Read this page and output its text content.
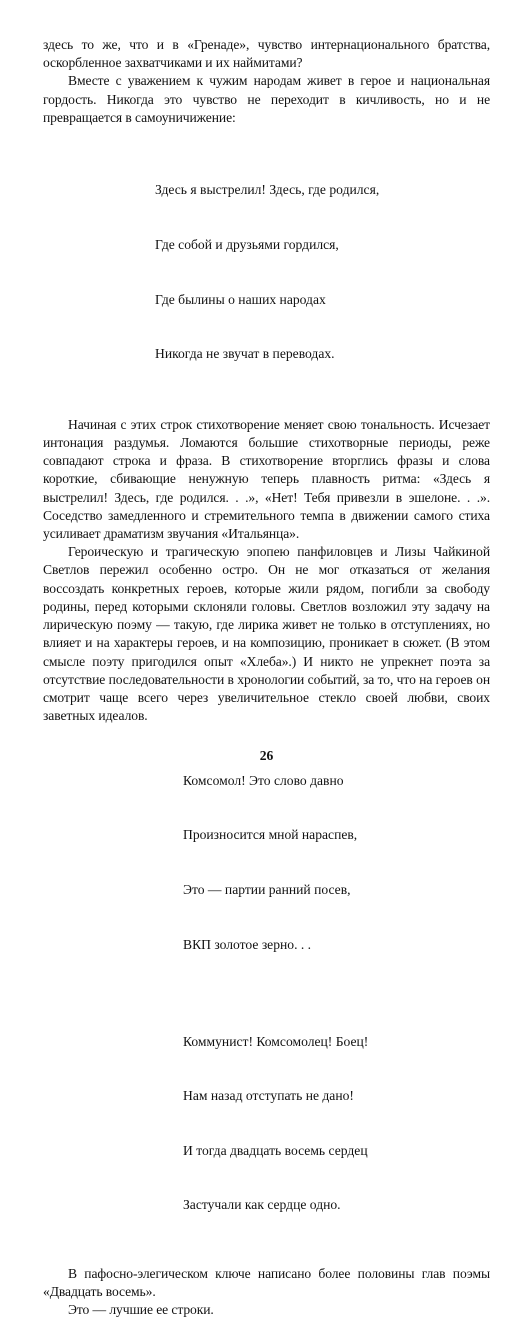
здесь то же, что и в «Гренаде», чувство интернационального братства, оскорбленное захватчиками и их наймитами?

Вместе с уважением к чужим народам живет в герое и национальная гордость. Никогда это чувство не переходит в кичливость, но и не превращается в самоуничижение:

Здесь я выстрелил! Здесь, где родился,

Где собой и друзьями гордился,

Где былины о наших народах

Никогда не звучат в переводах.

Начиная с этих строк стихотворение меняет свою тональность. Исчезает интонация раздумья. Ломаются большие стихотворные периоды, реже совпадают строка и фраза. В стихотворение вторглись фразы и слова короткие, сбивающие ненужную теперь плавность ритма: «Здесь я выстрелил! Здесь, где родился. . .», «Нет! Тебя привезли в эшелоне. . .». Соседство замедленного и стремительного темпа в движении самого стиха усиливает драматизм звучания «Итальянца».

Героическую и трагическую эпопею панфиловцев и Лизы Чайкиной Светлов пережил особенно остро. Он не мог отказаться от желания воссоздать конкретных героев, которые жили рядом, погибли за свободу родины, перед которыми склоняли головы. Светлов возложил эту задачу на лирическую поэму — такую, где лирика живет не только в отступлениях, но влияет и на характеры героев, и на композицию, проникает в сюжет. (В этом смысле поэту пригодился опыт «Хлеба».) И никто не упрекнет поэта за отсутствие последовательности в хронологии событий, за то, что на героев он смотрит чаще всего через увеличительное стекло своей любви, своих заветных идеалов.

Комсомол! Это слово давно

Произносится мной нараспев,

Это — партии ранний посев,

ВКП золотое зерно. . .

Коммунист! Комсомолец! Боец!

Нам назад отступать не дано!

И тогда двадцать восемь сердец

Застучали как сердце одно.

В пафосно-элегическом ключе написано более половины глав поэмы «Двадцать восемь».

Это — лучшие ее строки.

26
